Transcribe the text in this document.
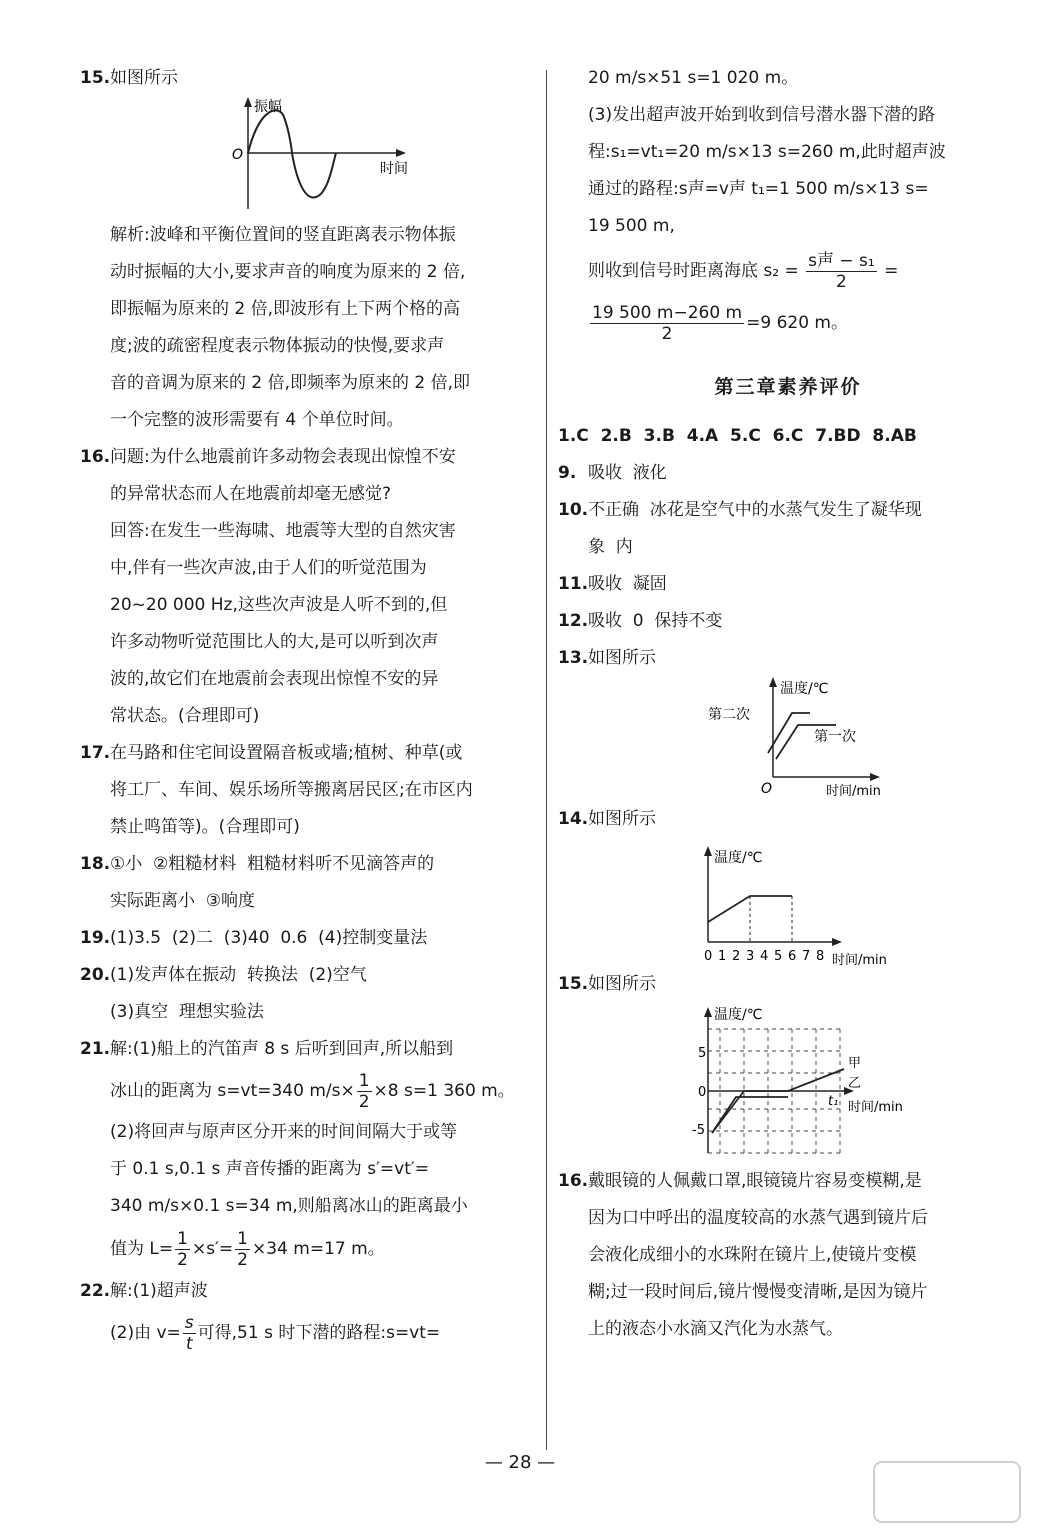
15. 如图所示
振幅
O
时间
解析:波峰和平衡位置间的竖直距离表示物体振
动时振幅的大小,要求声音的响度为原来的 2 倍,
即振幅为原来的 2 倍,即波形有上下两个格的高
度;波的疏密程度表示物体振动的快慢,要求声
音的音调为原来的 2 倍,即频率为原来的 2 倍,即
一个完整的波形需要有 4 个单位时间。
16. 问题:为什么地震前许多动物会表现出惊惶不安
的异常状态而人在地震前却毫无感觉?
回答:在发生一些海啸、地震等大型的自然灾害
中,伴有一些次声波,由于人们的听觉范围为
20~20 000 Hz,这些次声波是人听不到的,但
许多动物听觉范围比人的大,是可以听到次声
波的,故它们在地震前会表现出惊惶不安的异
常状态。(合理即可)
17. 在马路和住宅间设置隔音板或墙;植树、种草(或
将工厂、车间、娱乐场所等搬离居民区;在市区内
禁止鸣笛等)。(合理即可)
18. ①小  ②粗糙材料  粗糙材料听不见滴答声的
实际距离小  ③响度
19. (1)3.5  (2)二  (3)40  0.6  (4)控制变量法
20. (1)发声体在振动  转换法  (2)空气
(3)真空  理想实验法
21. 解:(1)船上的汽笛声 8 s 后听到回声,所以船到
冰山的距离为 s=vt=340 $m/s\times \frac{1}{2} \times 8$ s=1 360 m。
(2)将回声与原声区分开来的时间间隔大于或等
于 0.1 s,0.1 s 声音传播的距离为 s′=vt′=
340 m/s×0.1 s=34 m,则船离冰山的距离最小
值为 $L= \frac{1}{2} \times s'= \frac{1}{2} \times 34$ m=17 m。
22. 解:(1)超声波
(2)由 $v= \frac{s}{t}$ 可得,51 s 时下潜的路程:s=vt=
20 m/s×51 s=1 020 m。
(3)发出超声波开始到收到信号潜水器下潜的路
程:s₁=vt₁=20 m/s×13 s=260 m,此时超声波
通过的路程:s声=v声 t₁=1 500 m/s×13 s=
19 500 m,
则收到信号时距离海底 $s_2 = \frac{\text{s声 − s₁}}{2}$ =
$\frac{19 500 m-260 m}{2} =9$ 620 m。
第三章素养评价
1.C  2.B  3.B  4.A  5.C  6.C  7.BD  8.AB
9. 吸收  液化
10. 不正确  冰花是空气中的水蒸气发生了凝华现
象  内
11. 吸收  凝固
12. 吸收  0  保持不变
13. 如图所示
温度/℃
O	时间/min
第二次
第一次
14. 如图所示
温度/℃
0 1 2 3 4 5 6 7 8 时间/min
15. 如图所示
温度/℃
5
0
-5
甲
乙
t₁ 时间/min
16. 戴眼镜的人佩戴口罩,眼镜镜片容易变模糊,是
因为口中呼出的温度较高的水蒸气遇到镜片后
会液化成细小的水珠附在镜片上,使镜片变模
糊;过一段时间后,镜片慢慢变清晰,是因为镜片
上的液态小水滴又汽化为水蒸气。
— 28 —
